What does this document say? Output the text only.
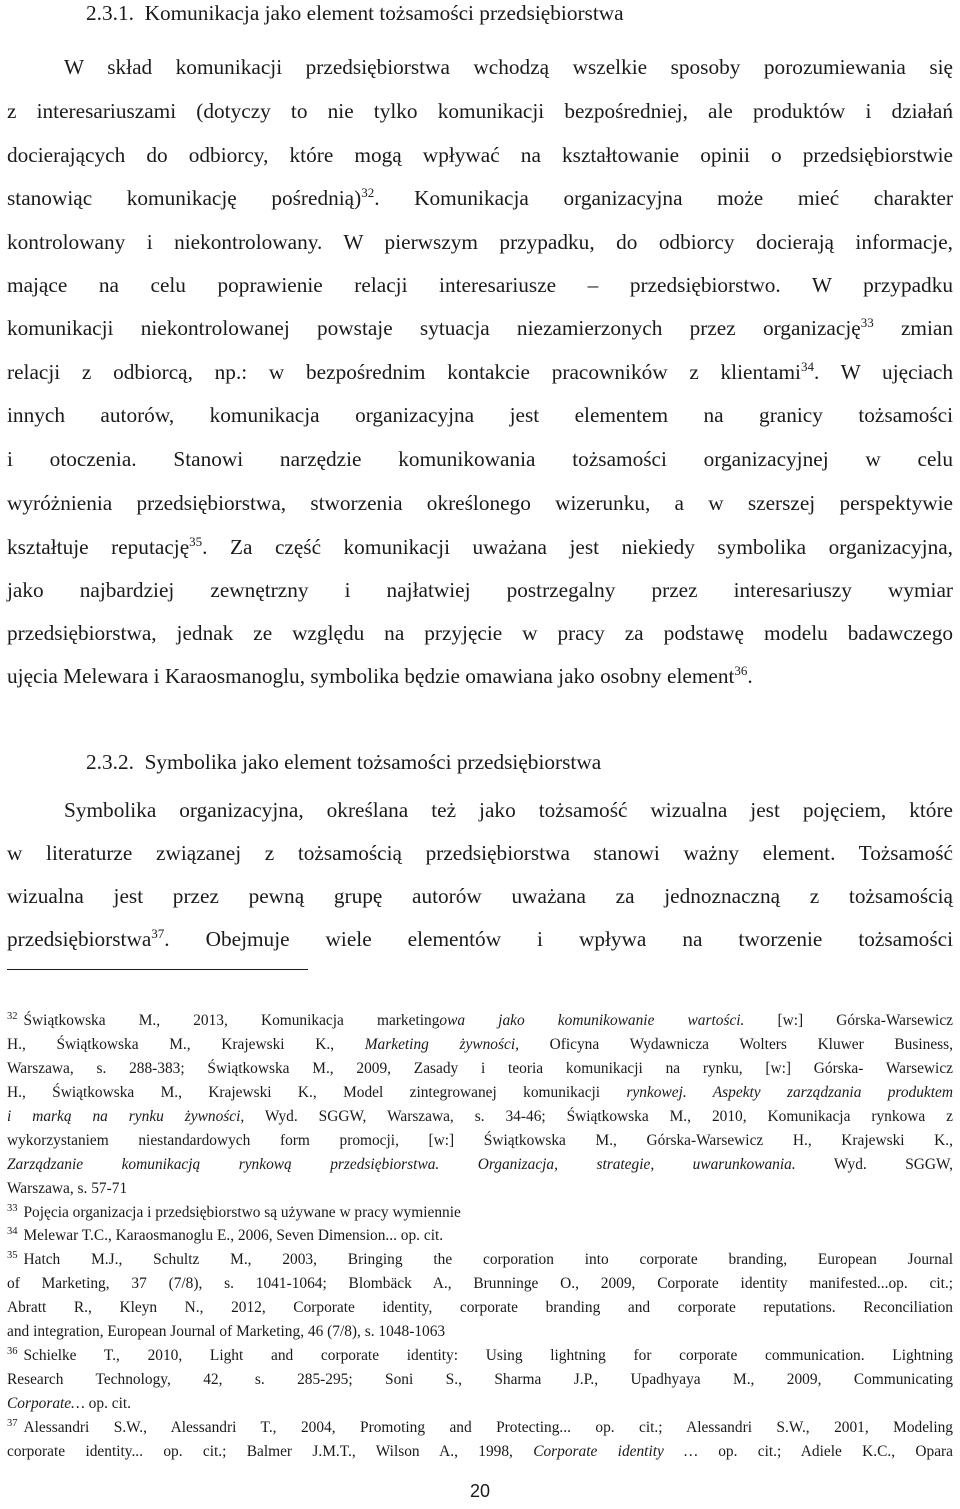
2.3.1.  Komunikacja jako element tożsamości przedsiębiorstwa
W skład komunikacji przedsiębiorstwa wchodzą wszelkie sposoby porozumiewania się
z interesariuszami (dotyczy to nie tylko komunikacji bezpośredniej, ale produktów i działań
docierających do odbiorcy, które mogą wpływać na kształtowanie opinii o przedsiębiorstwie
stanowiąc komunikację pośrednią)$^{32}$. Komunikacja organizacyjna może mieć charakter
kontrolowany i niekontrolowany. W pierwszym przypadku, do odbiorcy docierają informacje,
mające na celu poprawienie relacji interesariusze – przedsiębiorstwo. W przypadku
komunikacji niekontrolowanej powstaje sytuacja niezamierzonych przez organizację$^{33}$ zmian
relacji z odbiorcą, np.: w bezpośrednim kontakcie pracowników z klientami$^{34}$. W ujęciach
innych autorów, komunikacja organizacyjna jest elementem na granicy tożsamości
i otoczenia. Stanowi narzędzie komunikowania tożsamości organizacyjnej w celu
wyróżnienia przedsiębiorstwa, stworzenia określonego wizerunku, a w szerszej perspektywie
kształtuje reputację$^{35}$. Za część komunikacji uważana jest niekiedy symbolika organizacyjna,
jako najbardziej zewnętrzny i najłatwiej postrzegalny przez interesariuszy wymiar
przedsiębiorstwa, jednak ze względu na przyjęcie w pracy za podstawę modelu badawczego
ujęcia Melewara i Karaosmanoglu, symbolika będzie omawiana jako osobny element$^{36}$.
2.3.2.  Symbolika jako element tożsamości przedsiębiorstwa
Symbolika organizacyjna, określana też jako tożsamość wizualna jest pojęciem, które
w literaturze związanej z tożsamością przedsiębiorstwa stanowi ważny element. Tożsamość
wizualna jest przez pewną grupę autorów uważana za jednoznaczną z tożsamością
przedsiębiorstwa$^{37}$. Obejmuje wiele elementów i wpływa na tworzenie tożsamości
$^{32}$ Świątkowska M., 2013, Komunikacja marketingowa jako komunikowanie wartości. [w:] Górska-Warsewicz
H., Świątkowska M., Krajewski K., Marketing żywności, Oficyna Wydawnicza Wolters Kluwer Business,
Warszawa, s. 288-383; Świątkowska M., 2009, Zasady i teoria komunikacji na rynku, [w:] Górska- Warsewicz
H., Świątkowska M., Krajewski K., Model zintegrowanej komunikacji rynkowej. Aspekty zarządzania produktem
i marką na rynku żywności, Wyd. SGGW, Warszawa, s. 34-46; Świątkowska M., 2010, Komunikacja rynkowa z
wykorzystaniem niestandardowych form promocji, [w:] Świątkowska M., Górska-Warsewicz H., Krajewski K.,
Zarządzanie komunikacją rynkową przedsiębiorstwa. Organizacja, strategie, uwarunkowania. Wyd. SGGW,
Warszawa, s. 57-71
$^{33}$ Pojęcia organizacja i przedsiębiorstwo są używane w pracy wymiennie
$^{34}$ Melewar T.C., Karaosmanoglu E., 2006, Seven Dimension... op. cit.
$^{35}$ Hatch M.J., Schultz M., 2003, Bringing the corporation into corporate branding, European Journal
of Marketing, 37 (7/8), s. 1041-1064; Blombäck A., Brunninge O., 2009, Corporate identity manifested...op. cit.;
Abratt R., Kleyn N., 2012, Corporate identity, corporate branding and corporate reputations. Reconciliation
and integration, European Journal of Marketing, 46 (7/8), s. 1048-1063
$^{36}$ Schielke T., 2010, Light and corporate identity: Using lightning for corporate communication. Lightning
Research Technology, 42, s. 285-295; Soni S., Sharma J.P., Upadhyaya M., 2009, Communicating
Corporate… op. cit.
$^{37}$ Alessandri S.W., Alessandri T., 2004, Promoting and Protecting... op. cit.; Alessandri S.W., 2001, Modeling
corporate identity... op. cit.; Balmer J.M.T., Wilson A., 1998, Corporate identity … op. cit.; Adiele K.C., Opara
20
